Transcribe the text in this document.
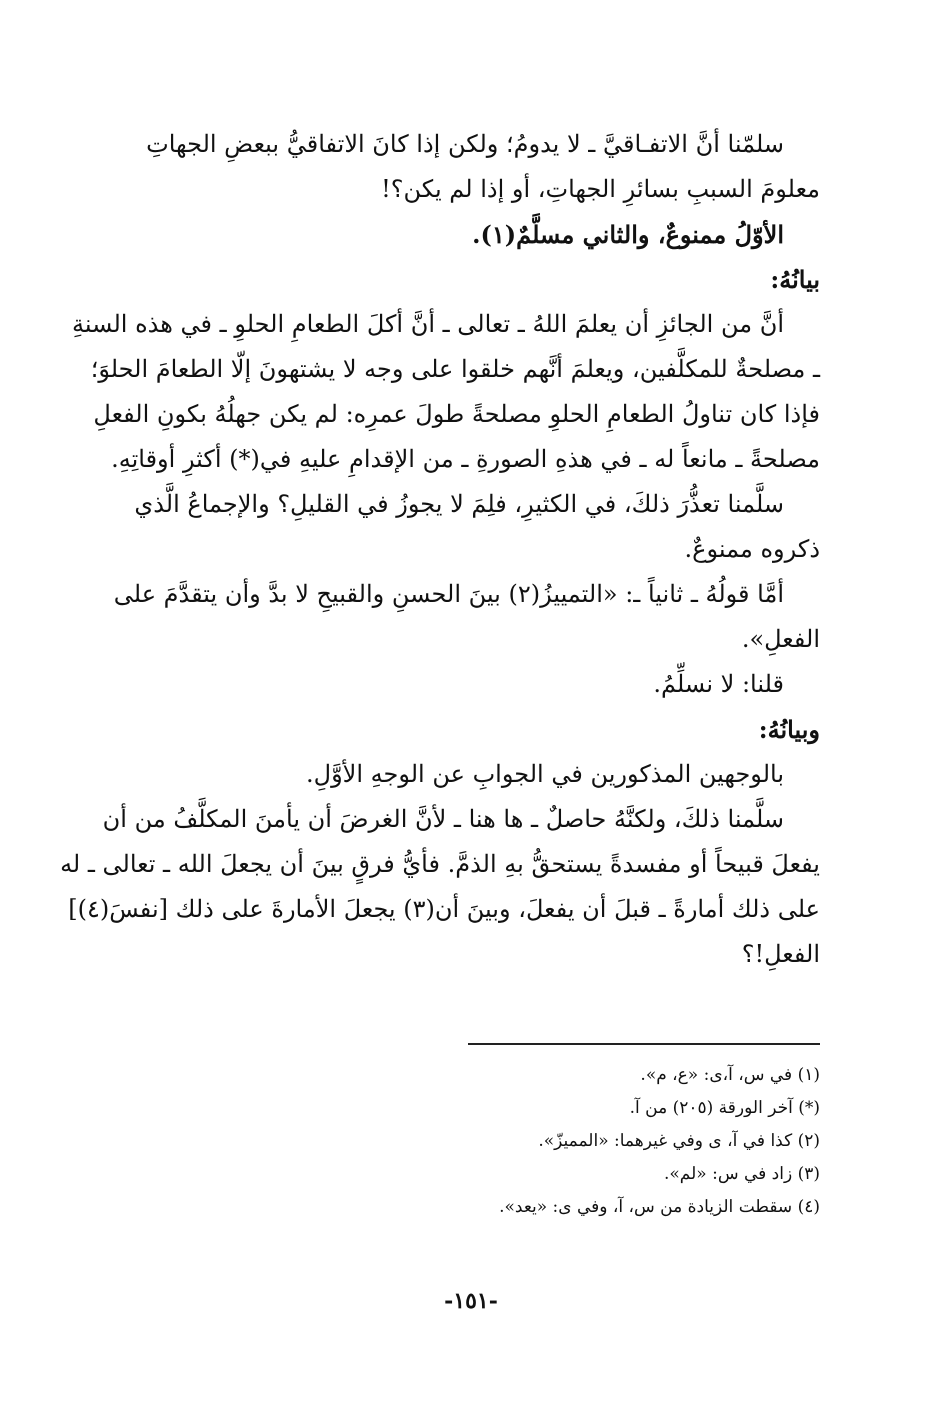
سلمّنا أنَّ الاتفـاقيَّ ـ لا يدومُ؛ ولكن إذا كانَ الاتفاقيُّ ببعضِ الجهاتِ
معلومَ السببِ بسائرِ الجهاتِ، أو إذا لم يكن؟!
الأوّلُ ممنوعٌ، والثاني مسلَّمٌ(١).
بيانُهُ:
أنَّ من الجائزِ أن يعلمَ اللهُ ـ تعالى ـ أنَّ أكلَ الطعامِ الحلوِ ـ في هذه السنةِ
ـ مصلحةٌ للمكلَّفين، ويعلمَ أنَّهم خلقوا على وجه لا يشتهونَ إلّا الطعامَ الحلوَ؛
فإذا كان تناولُ الطعامِ الحلوِ مصلحةً طولَ عمرِه: لم يكن جهلُهُ بكونِ الفعلِ
مصلحةً ـ مانعاً له ـ في هذهِ الصورةِ ـ من الإقدامِ عليهِ في(*) أكثرِ أوقاتِهِ.
سلَّمنا تعذُّرَ ذلكَ، في الكثيرِ، فلِمَ لا يجوزُ في القليلِ؟ والإجماعُ الَّذي
ذكروه ممنوعٌ.
أمَّا قولُهُ ـ ثانياً ـ: «التمييزُ(٢) بينَ الحسنِ والقبيحِ لا بدَّ وأن يتقدَّمَ على
الفعلِ».
قلنا: لا نسلِّمُ.
وبيانُهُ:
بالوجهين المذكورين في الجوابِ عن الوجهِ الأوَّلِ.
سلَّمنا ذلكَ، ولكنَّهُ حاصلٌ ـ ها هنا ـ لأنَّ الغرضَ أن يأمنَ المكلَّفُ من أن
يفعلَ قبيحاً أو مفسدةً يستحقُّ بهِ الذمَّ. فأيُّ فرقٍ بينَ أن يجعلَ الله ـ تعالى ـ له
على ذلك أمارةً ـ قبلَ أن يفعلَ، وبينَ أن(٣) يجعلَ الأمارةَ على ذلك [نفسَ(٤)]
الفعلِ!؟
(١) في س، آ،ى: «ع، م».
(*) آخر الورقة (٢٠٥) من آ.
(٢) كذا في آ، ى وفي غيرهما: «المميزّ».
(٣) زاد في س: «لم».
(٤) سقطت الزيادة من س، آ، وفي ى: «يعد».
-١٥١-
